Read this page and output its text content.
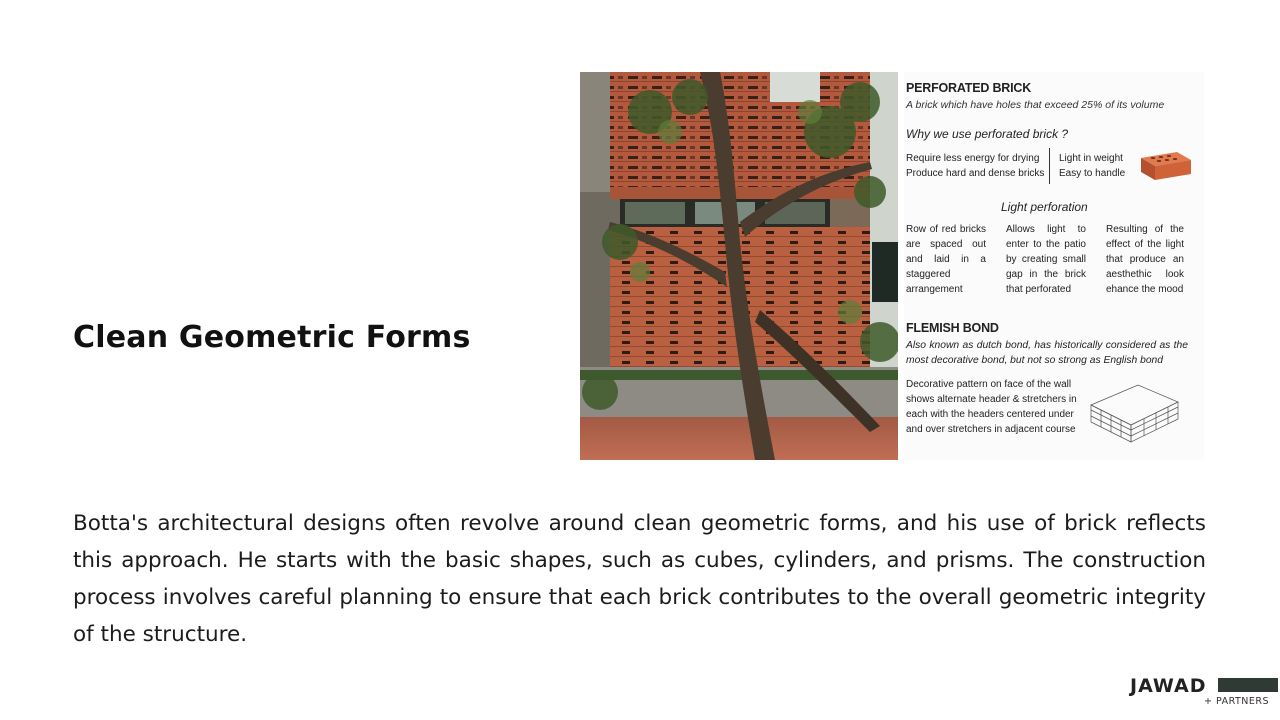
Clean Geometric Forms

PERFORATED BRICK

A brick which have holes that exceed 25% of its volume

Why we use perforated brick ?

Require less energy for drying
Produce hard and dense bricks
Light in weight
Easy to handle

Light perforation

Row of red bricks are spaced out and laid in a staggered arrangement
Allows light to enter to the patio by creating small gap in the brick that perforated
Resulting of the effect of the light that produce an aesthethic look ehance the mood

FLEMISH BOND

Also known as dutch bond, has historically considered as the most decorative bond, but not so strong as English bond
Decorative pattern on face of the wall
shows alternate header & stretchers in
each with the headers centered under
and over stretchers in adjacent course

Botta's architectural designs often revolve around clean geometric forms, and his use of brick reflects this approach. He starts with the basic shapes, such as cubes, cylinders, and prisms. The construction process involves careful planning to ensure that each brick contributes to the overall geometric integrity of the structure.

JAWAD
+ PARTNERS
